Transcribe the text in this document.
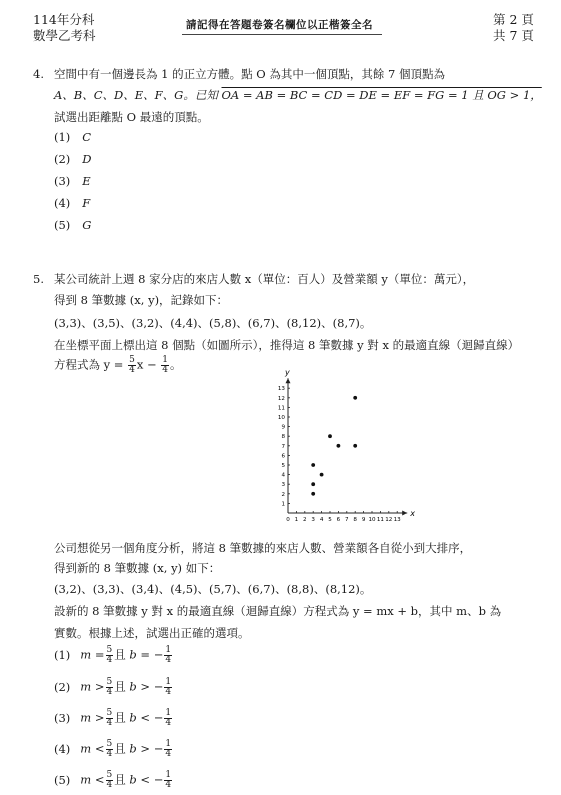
114年分科
數學乙考科
請記得在答題卷簽名欄位以正楷簽全名	第 2 頁
共 7 頁
4. 空間中有一個邊長為 1 的正立方體。點 O 為其中一個頂點，其餘 7 個頂點為
A、B、C、D、E、F、G。已知 OA = AB = BC = CD = DE = EF = FG = 1 且 OG > 1，
試選出距離點 O 最遠的頂點。
(1) C
(2) D
(3) E
(4) F
(5) G
5. 某公司統計上週 8 家分店的來店人數 x（單位：百人）及營業額 y（單位：萬元），
得到 8 筆數據 (x, y)，記錄如下：
(3,3)、(3,5)、(3,2)、(4,4)、(5,8)、(6,7)、(8,12)、(8,7)。
在坐標平面上標出這 8 個點（如圖所示），推得這 8 筆數據 y 對 x 的最適直線（迴歸直線）
方程式為 $y = \frac{5}{4}$ $x - \frac{1}{4}$ 。
x
y
0 1 2 3 4 5 6 7 8 9 10 11 12 13
1
2
3
4
5
6
7
8
9
10
11
12
13
公司想從另一個角度分析，將這 8 筆數據的來店人數、營業額各自從小到大排序，
得到新的 8 筆數據 (x, y) 如下：
(3,2)、(3,3)、(3,4)、(4,5)、(5,7)、(6,7)、(8,8)、(8,12)。
設新的 8 筆數據 y 對 x 的最適直線（迴歸直線）方程式為 y = mx + b，其中 m、b 為
實數。根據上述，試選出正確的選項。
(1) $m = \frac{5}{4}$ 且 b = − $\frac{1}{4}$
(2) $m > \frac{5}{4}$ 且 b > − $\frac{1}{4}$
(3) $m > \frac{5}{4}$ 且 b < − $\frac{1}{4}$
(4) $m < \frac{5}{4}$ 且 b > − $\frac{1}{4}$
(5) $m < \frac{5}{4}$ 且 b < − $\frac{1}{4}$
